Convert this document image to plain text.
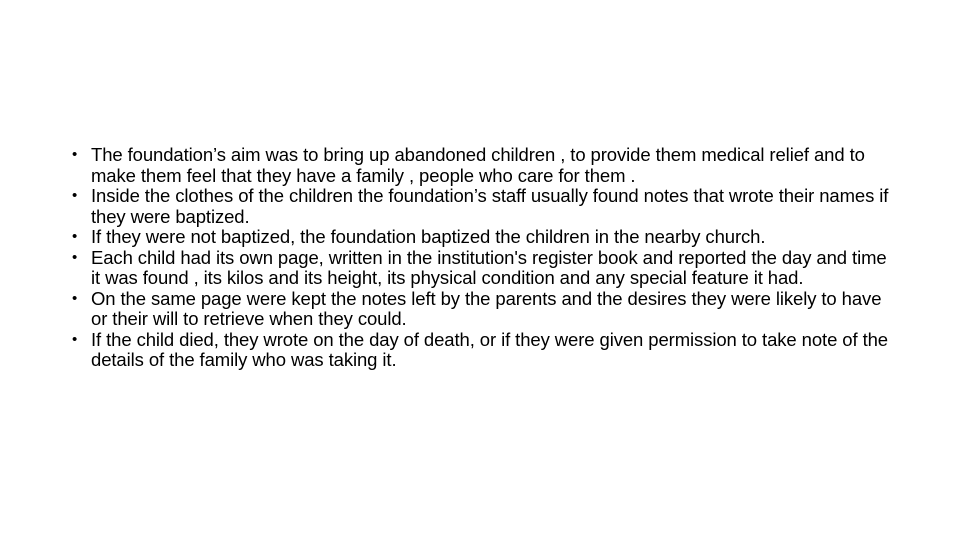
• The foundation’s aim was to bring up abandoned children , to provide them medical relief and to make them feel that they have a family , people who care for them .
• Inside the clothes of the children the foundation’s staff usually found notes that wrote their names if they were baptized.
• If they were not baptized, the foundation baptized the children in the nearby church.
• Each child had its own page, written in the institution's register book and reported the day and time it was found , its kilos and its height, its physical condition and any special feature it had.
• On the same page were kept the notes left by the parents and the desires they were likely to have or their will to retrieve when they could.
• If the child died, they wrote on the day of death, or if they were given permission to take note of the details of the family who was taking it.
